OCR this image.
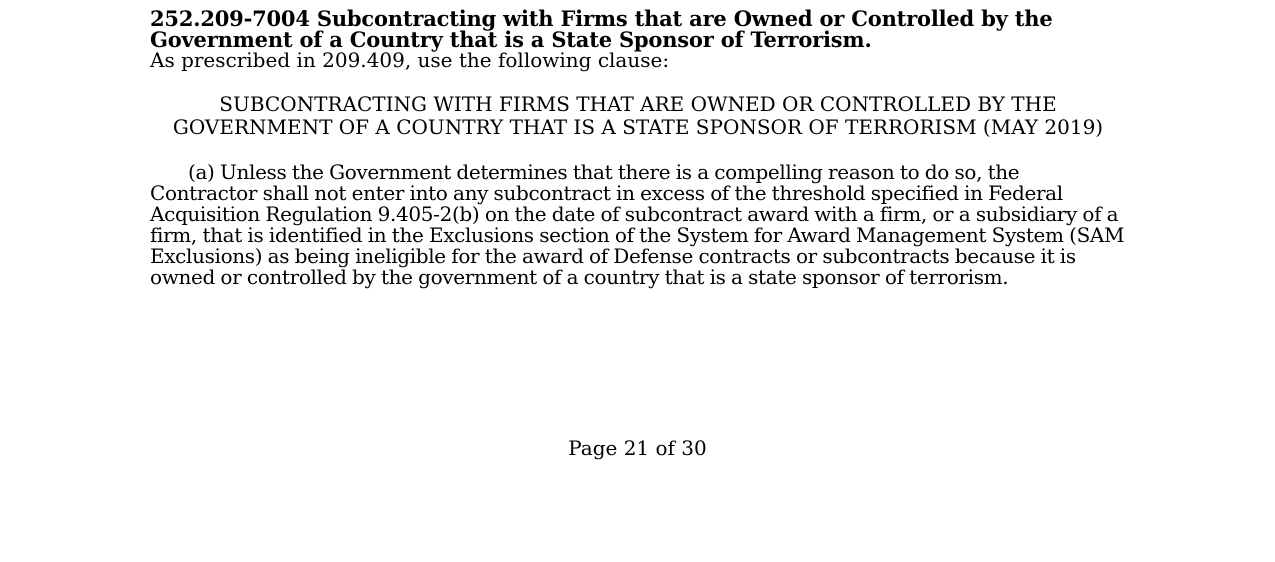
252.209-7004 Subcontracting with Firms that are Owned or Controlled by the
Government of a Country that is a State Sponsor of Terrorism.
As prescribed in 209.409, use the following clause:
SUBCONTRACTING WITH FIRMS THAT ARE OWNED OR CONTROLLED BY THE GOVERNMENT OF A COUNTRY THAT IS A STATE SPONSOR OF TERRORISM (MAY 2019)
(a) Unless the Government determines that there is a compelling reason to do so, the Contractor shall not enter into any subcontract in excess of the threshold specified in Federal Acquisition Regulation 9.405-2(b) on the date of subcontract award with a firm, or a subsidiary of a firm, that is identified in the Exclusions section of the System for Award Management System (SAM Exclusions) as being ineligible for the award of Defense contracts or subcontracts because it is owned or controlled by the government of a country that is a state sponsor of terrorism.
Page 21 of 30
